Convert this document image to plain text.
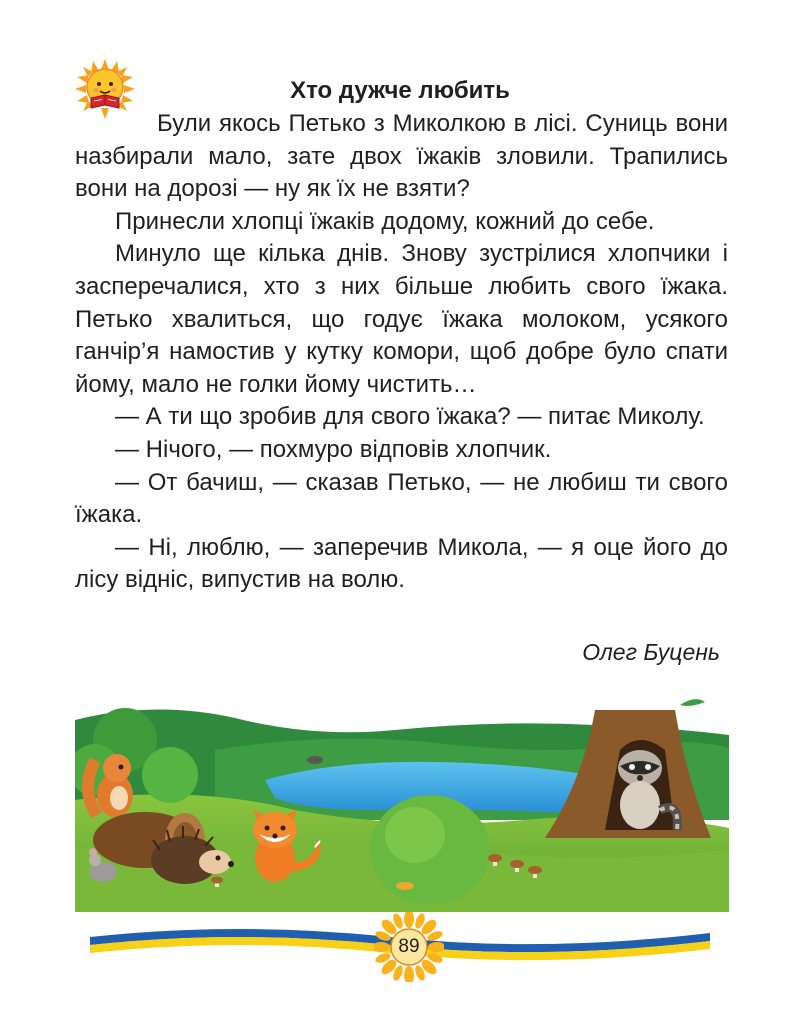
Хто дужче любить

Були якось Петько з Миколкою в лісі. Суниць вони назбирали мало, зате двох їжаків зловили. Трапились вони на дорозі — ну як їх не взяти?

Принесли хлопці їжаків додому, кожний до себе.

Минуло ще кілька днів. Знову зустрілися хлопчики і засперечалися, хто з них більше любить свого їжака. Петько хвалиться, що годує їжака молоком, усякого ганчір’я намостив у кутку комори, щоб добре було спати йому, мало не голки йому чистить…

— А ти що зробив для свого їжака? — питає Миколу.

— Нічого, — похмуро відповів хлопчик.

— От бачиш, — сказав Петько, — не любиш ти свого їжака.

— Ні, люблю, — заперечив Микола, — я оце його до лісу відніс, випустив на волю.

Олег Буцень
89
